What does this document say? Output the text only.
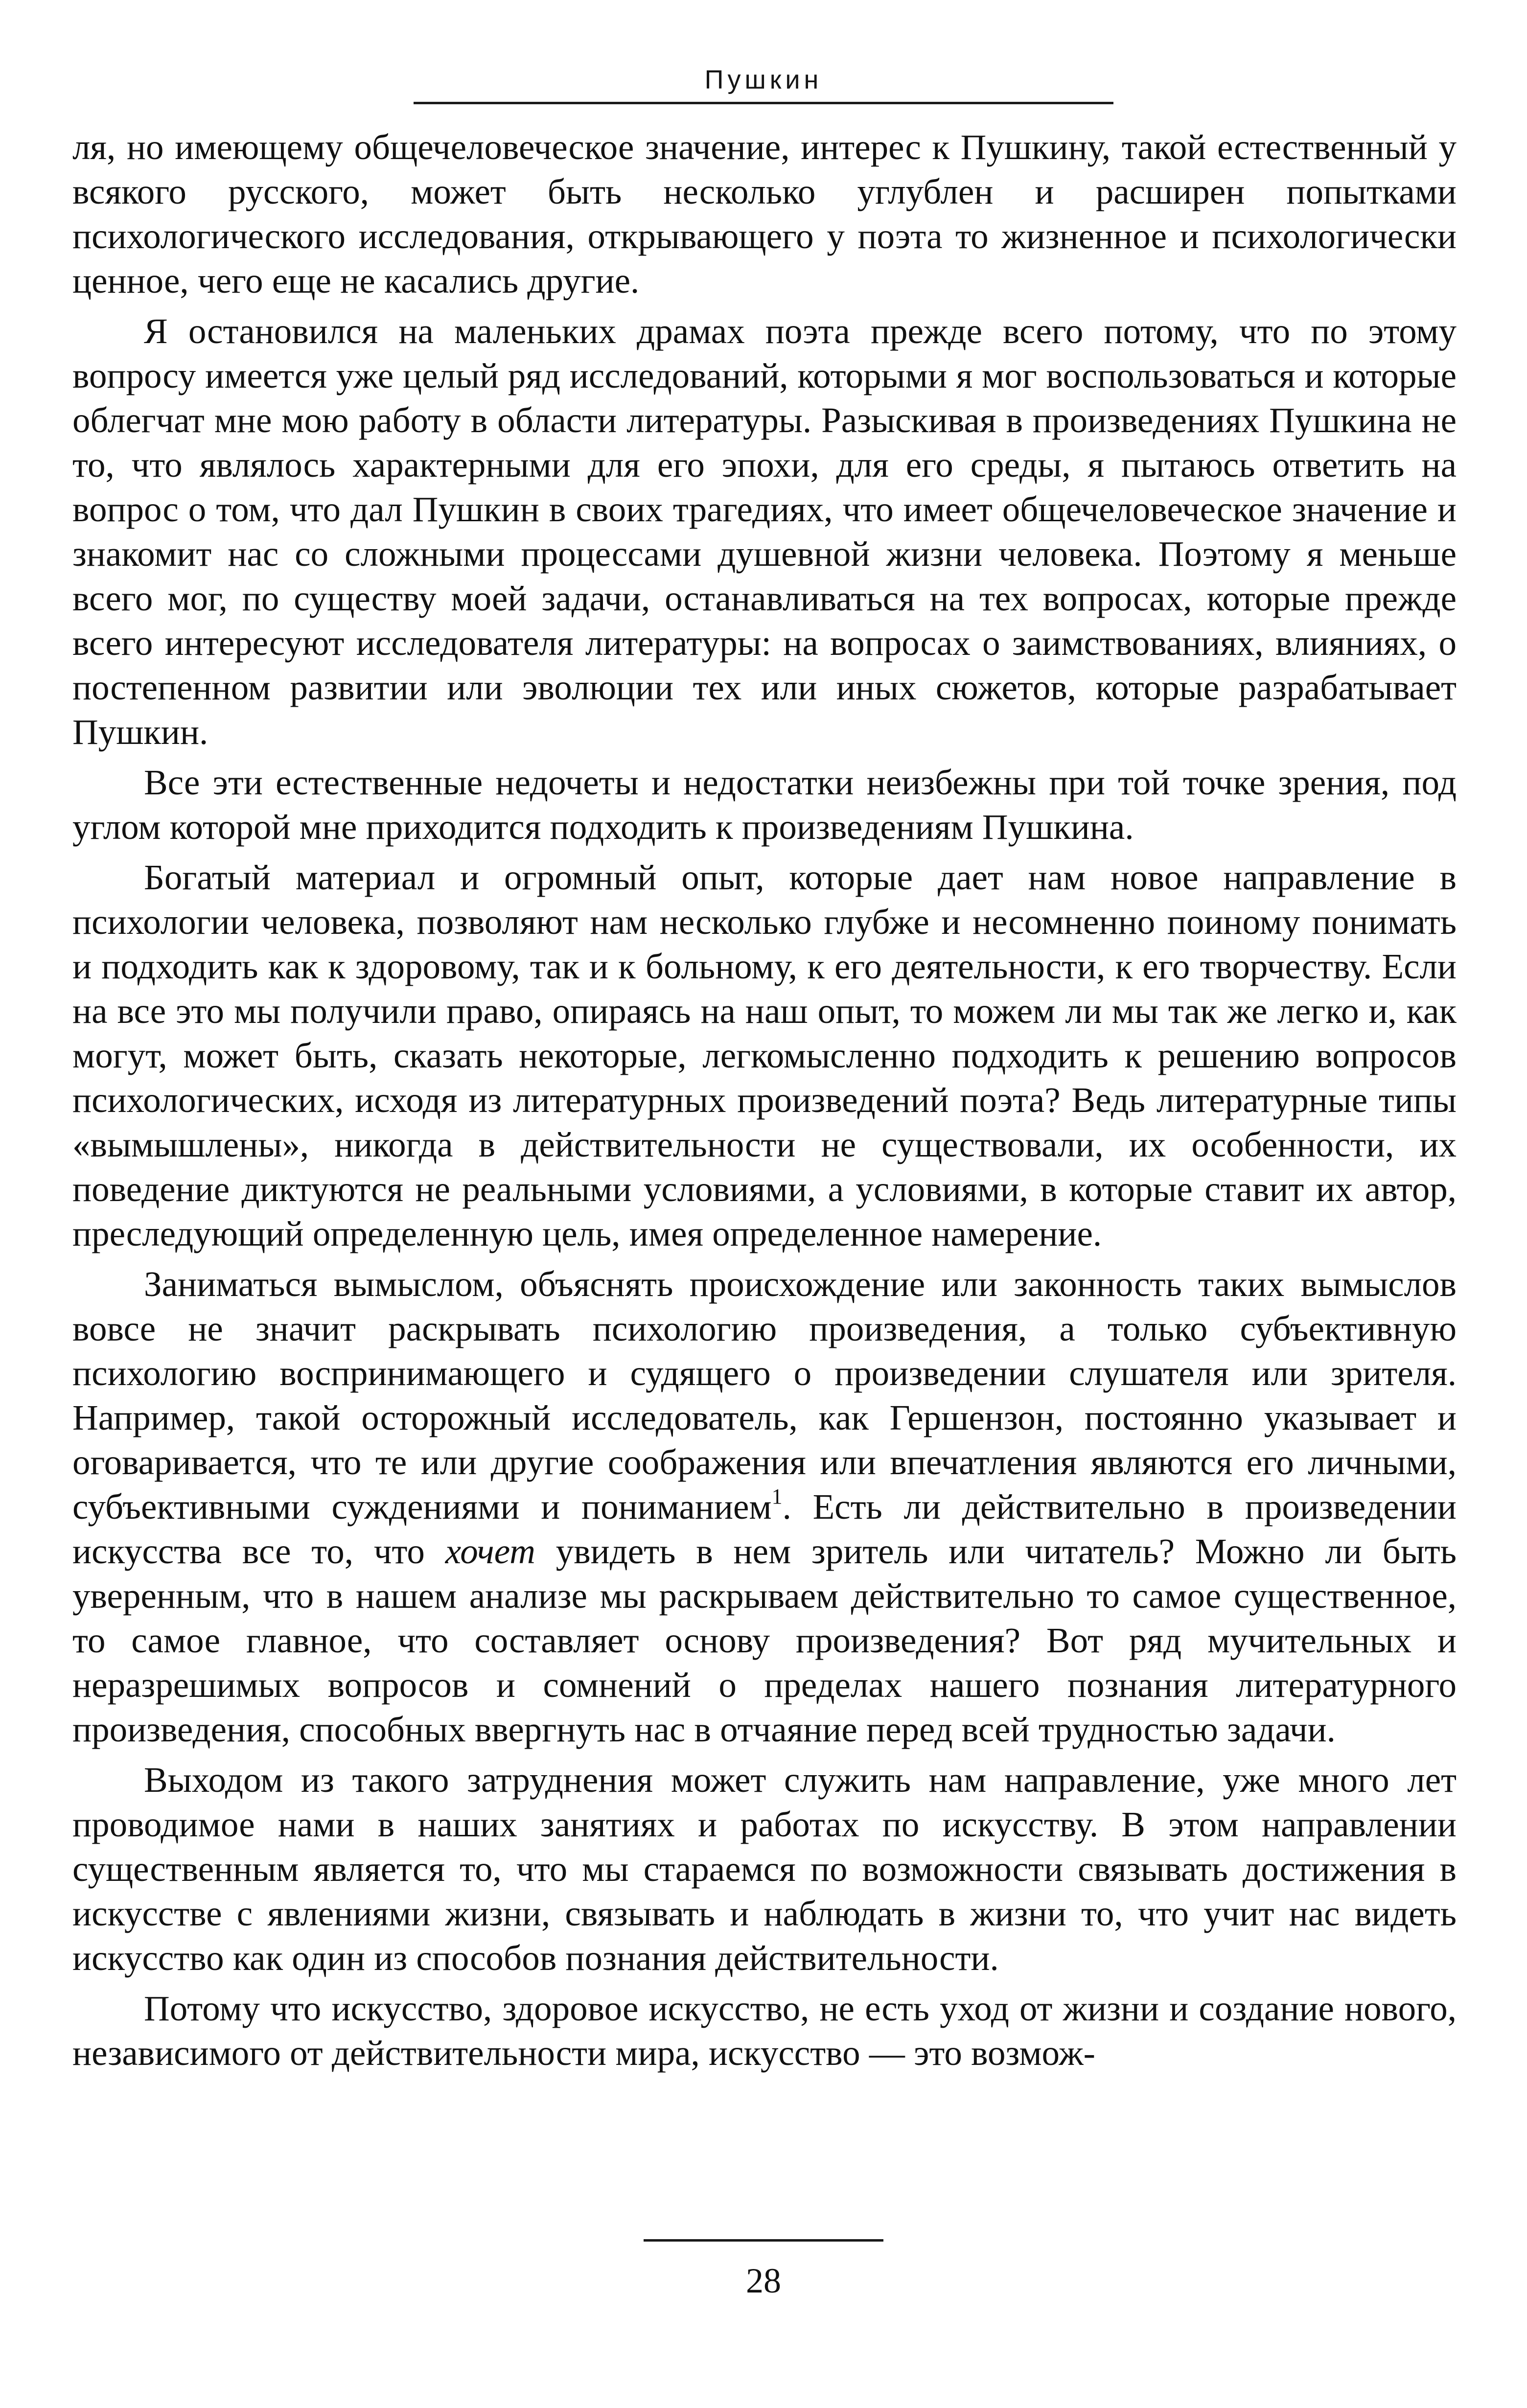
Пушкин

ля, но имеющему общечеловеческое значение, интерес к Пушкину, такой естественный у всякого русского, может быть несколько углублен и расширен попытками психологического исследования, открывающего у поэта то жизненное и психологически ценное, чего еще не касались другие.

Я остановился на маленьких драмах поэта прежде всего потому, что по этому вопросу имеется уже целый ряд исследований, которыми я мог воспользоваться и которые облегчат мне мою работу в области литературы. Разыскивая в произведениях Пушкина не то, что являлось характерными для его эпохи, для его среды, я пытаюсь ответить на вопрос о том, что дал Пушкин в своих трагедиях, что имеет общечеловеческое значение и знакомит нас со сложными процессами душевной жизни человека. Поэтому я меньше всего мог, по существу моей задачи, останавливаться на тех вопросах, которые прежде всего интересуют исследователя литературы: на вопросах о заимствованиях, влияниях, о постепенном развитии или эволюции тех или иных сюжетов, которые разрабатывает Пушкин.

Все эти естественные недочеты и недостатки неизбежны при той точке зрения, под углом которой мне приходится подходить к произведениям Пушкина.

Богатый материал и огромный опыт, которые дает нам новое направление в психологии человека, позволяют нам несколько глубже и несомненно поиному понимать и подходить как к здоровому, так и к больному, к его деятельности, к его творчеству. Если на все это мы получили право, опираясь на наш опыт, то можем ли мы так же легко и, как могут, может быть, сказать некоторые, легкомысленно подходить к решению вопросов психологических, исходя из литературных произведений поэта? Ведь литературные типы «вымышлены», никогда в действительности не существовали, их особенности, их поведение диктуются не реальными условиями, а условиями, в которые ставит их автор, преследующий определенную цель, имея определенное намерение.

Заниматься вымыслом, объяснять происхождение или законность таких вымыслов вовсе не значит раскрывать психологию произведения, а только субъективную психологию воспринимающего и судящего о произведении слушателя или зрителя. Например, такой осторожный исследователь, как Гершензон, постоянно указывает и оговаривается, что те или другие соображения или впечатления являются его личными, субъективными суждениями и пониманием$^1$. Есть ли действительно в произведении искусства все то, что хочет увидеть в нем зритель или читатель? Можно ли быть уверенным, что в нашем анализе мы раскрываем действительно то самое существенное, то самое главное, что составляет основу произведения? Вот ряд мучительных и неразрешимых вопросов и сомнений о пределах нашего познания литературного произведения, способных ввергнуть нас в отчаяние перед всей трудностью задачи.

Выходом из такого затруднения может служить нам направление, уже много лет проводимое нами в наших занятиях и работах по искусству. В этом направлении существенным является то, что мы стараемся по возможности связывать достижения в искусстве с явлениями жизни, связывать и наблюдать в жизни то, что учит нас видеть искусство как один из способов познания действительности.

Потому что искусство, здоровое искусство, не есть уход от жизни и создание нового, независимого от действительности мира, искусство — это возмож-

28
